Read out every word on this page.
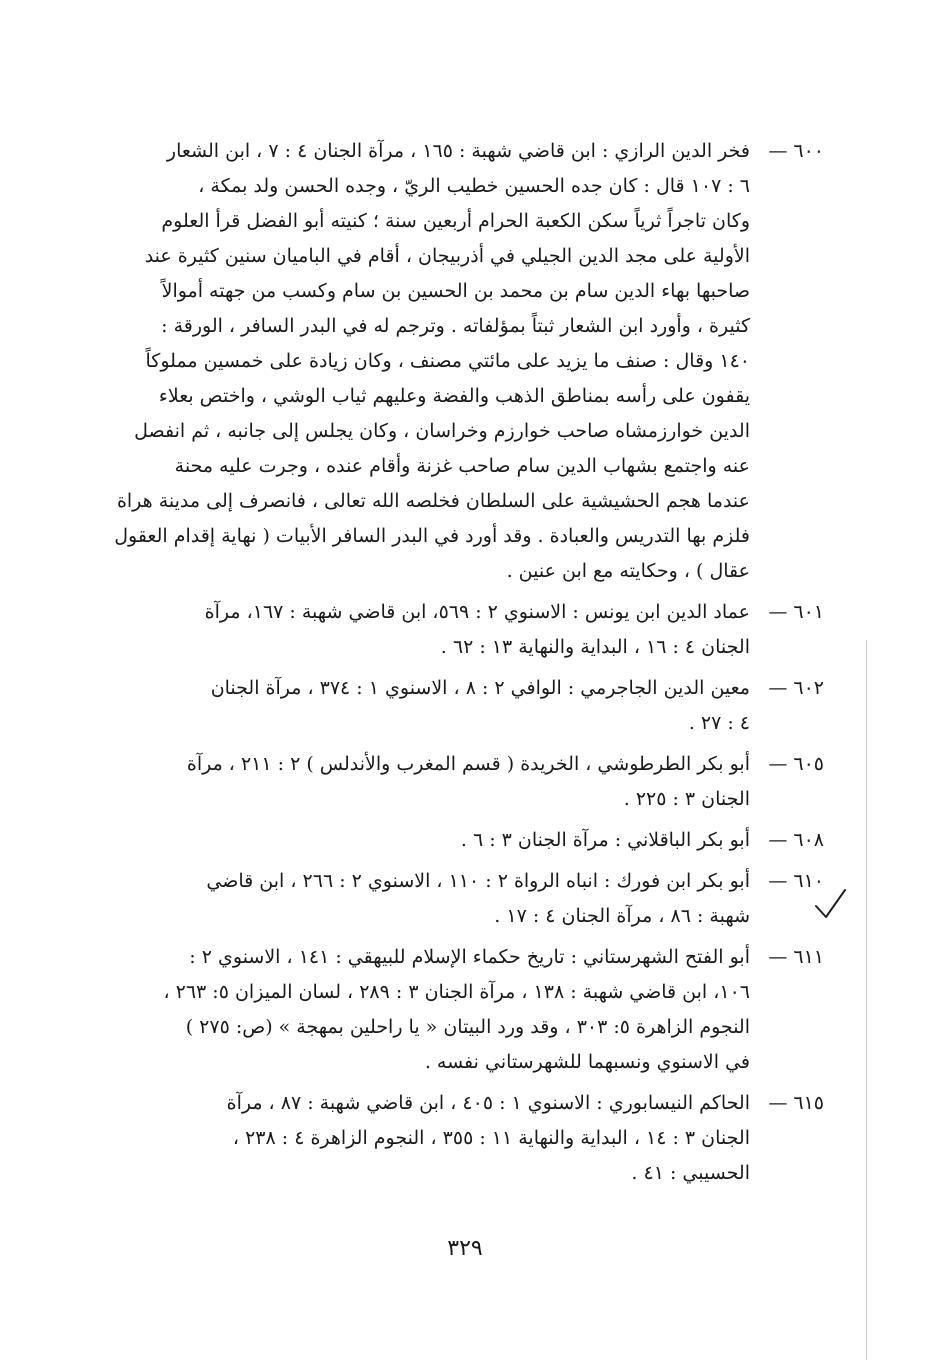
٦٠٠ —
فخر الدين الرازي : ابن قاضي شهبة : ١٦٥ ، مرآة الجنان ٤ : ٧ ، ابن الشعار
٦ : ١٠٧ قال : كان جده الحسين خطيب الريّ ، وجده الحسن ولد بمكة ،
وكان تاجراً ثرياً سكن الكعبة الحرام أربعين سنة ؛ كنيته أبو الفضل قرأ العلوم
الأولية على مجد الدين الجيلي في أذربيجان ، أقام في الباميان سنين كثيرة عند
صاحبها بهاء الدين سام بن محمد بن الحسين بن سام وكسب من جهته أموالاً
كثيرة ، وأورد ابن الشعار ثبتاً بمؤلفاته . وترجم له في البدر السافر ، الورقة :
١٤٠ وقال : صنف ما يزيد على مائتي مصنف ، وكان زيادة على خمسين مملوكاً
يقفون على رأسه بمناطق الذهب والفضة وعليهم ثياب الوشي ، واختص بعلاء
الدين خوارزمشاه صاحب خوارزم وخراسان ، وكان يجلس إلى جانبه ، ثم انفصل
عنه واجتمع بشهاب الدين سام صاحب غزنة وأقام عنده ، وجرت عليه محنة
عندما هجم الحشيشية على السلطان فخلصه الله تعالى ، فانصرف إلى مدينة هراة
فلزم بها التدريس والعبادة . وقد أورد في البدر السافر الأبيات ( نهاية إقدام العقول
عقال ) ، وحكايته مع ابن عنين .
٦٠١ —
عماد الدين ابن يونس : الاسنوي ٢ : ٥٦٩، ابن قاضي شهبة : ١٦٧، مرآة
الجنان ٤ : ١٦ ، البداية والنهاية ١٣ : ٦٢ .
٦٠٢ —
معين الدين الجاجرمي : الوافي ٢ : ٨ ، الاسنوي ١ : ٣٧٤ ، مرآة الجنان
٤ : ٢٧ .
٦٠٥ —
أبو بكر الطرطوشي ، الخريدة ( قسم المغرب والأندلس ) ٢ : ٢١١ ، مرآة
الجنان ٣ : ٢٢٥ .
٦٠٨ —
أبو بكر الباقلاني : مرآة الجنان ٣ : ٦ .
٦١٠ —
أبو بكر ابن فورك : انباه الرواة ٢ : ١١٠ ، الاسنوي ٢ : ٢٦٦ ، ابن قاضي
شهبة : ٨٦ ، مرآة الجنان ٤ : ١٧ .
٦١١ —
أبو الفتح الشهرستاني : تاريخ حكماء الإسلام للبيهقي : ١٤١ ، الاسنوي ٢ :
١٠٦، ابن قاضي شهبة : ١٣٨ ، مرآة الجنان ٣ : ٢٨٩ ، لسان الميزان ٥: ٢٦٣ ،
النجوم الزاهرة ٥: ٣٠٣ ، وقد ورد البيتان « يا راحلين بمهجة » (ص: ٢٧٥ )
في الاسنوي ونسبهما للشهرستاني نفسه .
٦١٥ —
الحاكم النيسابوري : الاسنوي ١ : ٤٠٥ ، ابن قاضي شهبة : ٨٧ ، مرآة
الجنان ٣ : ١٤ ، البداية والنهاية ١١ : ٣٥٥ ، النجوم الزاهرة ٤ : ٢٣٨ ،
الحسيبي : ٤١ .
٣٢٩
